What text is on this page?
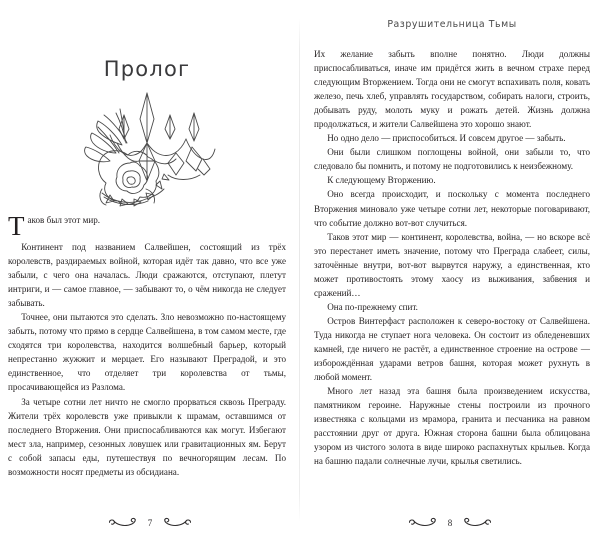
Пролог

Таков был этот мир.

Континент под названием Салвейшен, состоящий из трёх королевств, раздираемых войной, которая идёт так давно, что все уже забыли, с чего она началась. Люди сражаются, отступают, плетут интриги, и — самое главное, — забывают то, о чём никогда не следует забывать.

Точнее, они пытаются это сделать. Зло невозможно по-настоящему забыть, потому что прямо в сердце Салвейшена, в том самом месте, где сходятся три королевства, находится волшебный барьер, который непрестанно жужжит и мерцает. Его называют Преградой, и это единственное, что отделяет три королевства от тьмы, просачивающейся из Разлома.

За четыре сотни лет ничто не смогло прорваться сквозь Преграду. Жители трёх королевств уже привыкли к шрамам, оставшимся от последнего Вторжения. Они приспосабливаются как могут. Избегают мест зла, например, сезонных ловушек или гравитационных ям. Берут с собой запасы еды, путешествуя по вечногорящим лесам. По возможности носят предметы из обсидиана.

7
Разрушительница Тьмы

Их желание забыть вполне понятно. Люди должны приспосабливаться, иначе им придётся жить в вечном страхе перед следующим Вторжением. Тогда они не смогут вспахивать поля, ковать железо, печь хлеб, управлять государством, собирать налоги, строить, добывать руду, молоть муку и рожать детей. Жизнь должна продолжаться, и жители Салвейшена это хорошо знают.

Но одно дело — приспособиться. И совсем другое — забыть.

Они были слишком поглощены войной, они забыли то, что следовало бы помнить, и потому не подготовились к неизбежному.

К следующему Вторжению.

Оно всегда происходит, и поскольку с момента последнего Вторжения миновало уже четыре сотни лет, некоторые поговаривают, что событие должно вот-вот случиться.

Таков этот мир — континент, королевства, война, — но вскоре всё это перестанет иметь значение, потому что Преграда слабеет, силы, заточённые внутри, вот-вот вырвутся наружу, а единственная, кто может противостоять этому хаосу из выживания, забвения и сражений…

Она по-прежнему спит.

Остров Винтерфаст расположен к северо-востоку от Салвейшена. Туда никогда не ступает нога человека. Он состоит из обледеневших камней, где ничего не растёт, а единственное строение на острове — изборождённая ударами ветров башня, которая может рухнуть в любой момент.

Много лет назад эта башня была произведением искусства, памятником героине. Наружные стены построили из прочного известняка с кольцами из мрамора, гранита и песчаника на равном расстоянии друг от друга. Южная сторона башни была облицована узором из чистого золота в виде широко распахнутых крыльев. Когда на башню падали солнечные лучи, крылья светились.

8
